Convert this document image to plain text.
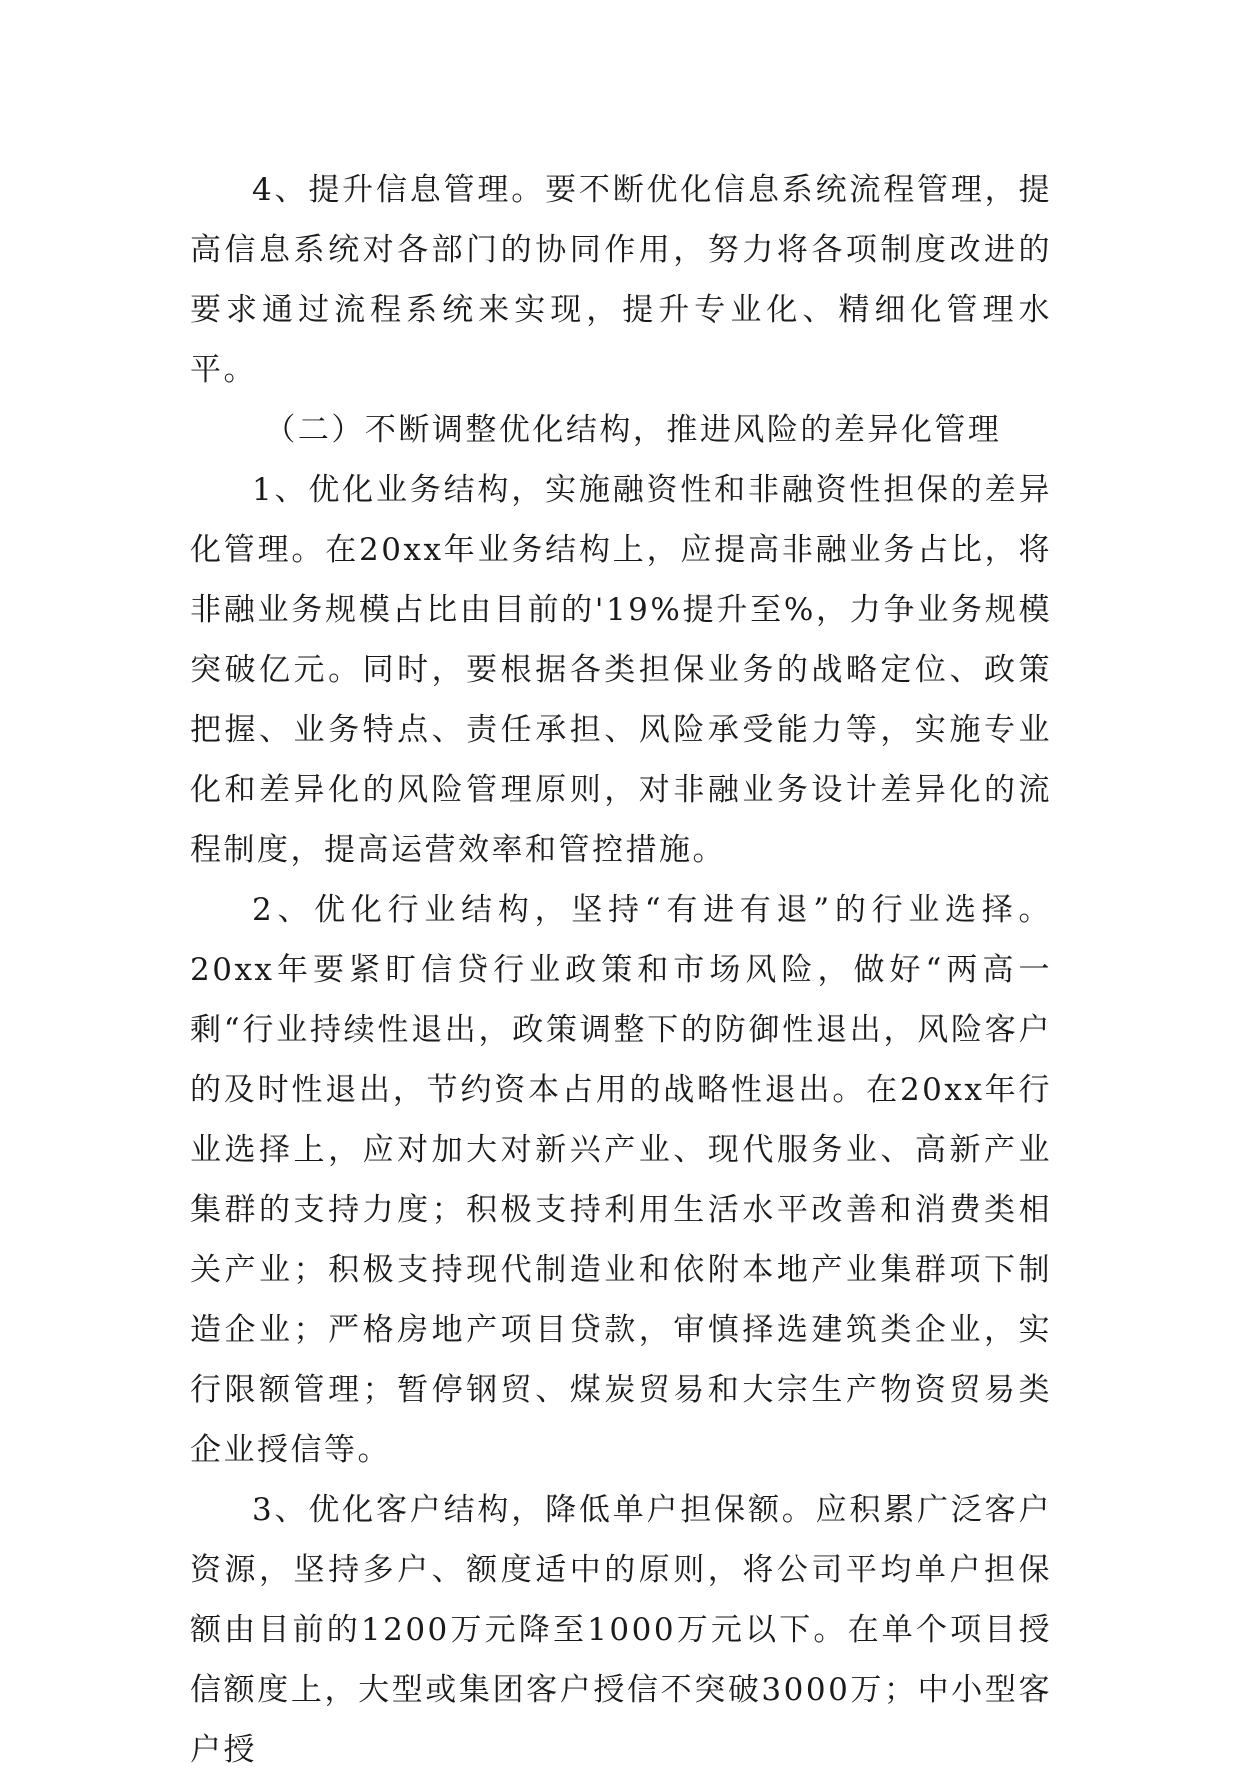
4、提升信息管理。要不断优化信息系统流程管理，提高信息系统对各部门的协同作用，努力将各项制度改进的要求通过流程系统来实现，提升专业化、精细化管理水平。

（二）不断调整优化结构，推进风险的差异化管理

1、优化业务结构，实施融资性和非融资性担保的差异化管理。在20xx年业务结构上，应提高非融业务占比，将非融业务规模占比由目前的'19%提升至%，力争业务规模突破亿元。同时，要根据各类担保业务的战略定位、政策把握、业务特点、责任承担、风险承受能力等，实施专业化和差异化的风险管理原则，对非融业务设计差异化的流程制度，提高运营效率和管控措施。

2、优化行业结构，坚持“有进有退”的行业选择。20xx年要紧盯信贷行业政策和市场风险，做好“两高一剩“行业持续性退出，政策调整下的防御性退出，风险客户的及时性退出，节约资本占用的战略性退出。在20xx年行业选择上，应对加大对新兴产业、现代服务业、高新产业集群的支持力度；积极支持利用生活水平改善和消费类相关产业；积极支持现代制造业和依附本地产业集群项下制造企业；严格房地产项目贷款，审慎择选建筑类企业，实行限额管理；暂停钢贸、煤炭贸易和大宗生产物资贸易类企业授信等。

3、优化客户结构，降低单户担保额。应积累广泛客户资源，坚持多户、额度适中的原则，将公司平均单户担保额由目前的1200万元降至1000万元以下。在单个项目授信额度上，大型或集团客户授信不突破3000万；中小型客户授
